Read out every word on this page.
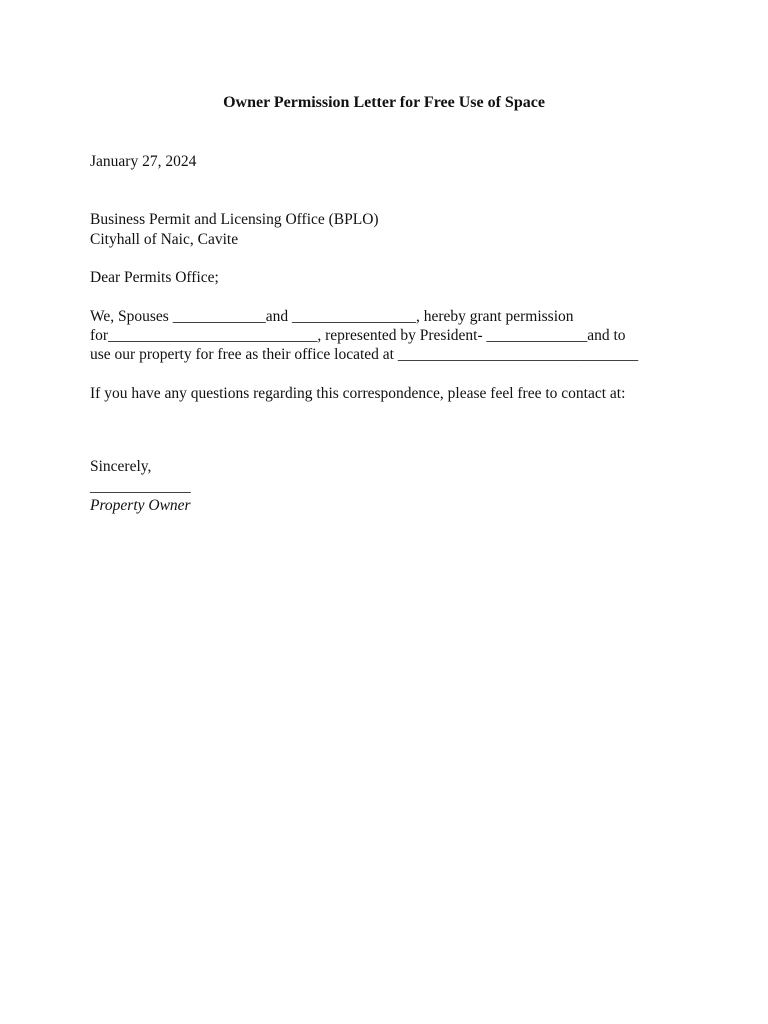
Owner Permission Letter for Free Use of Space
January 27, 2024
Business Permit and Licensing Office (BPLO)
Cityhall of Naic, Cavite
Dear Permits Office;
We, Spouses ____________and ________________, hereby grant permission
for___________________________, represented by President- _____________and to
use our property for free as their office located at _______________________________
If you have any questions regarding this correspondence, please feel free to contact at:
Sincerely,
_____________
Property Owner
